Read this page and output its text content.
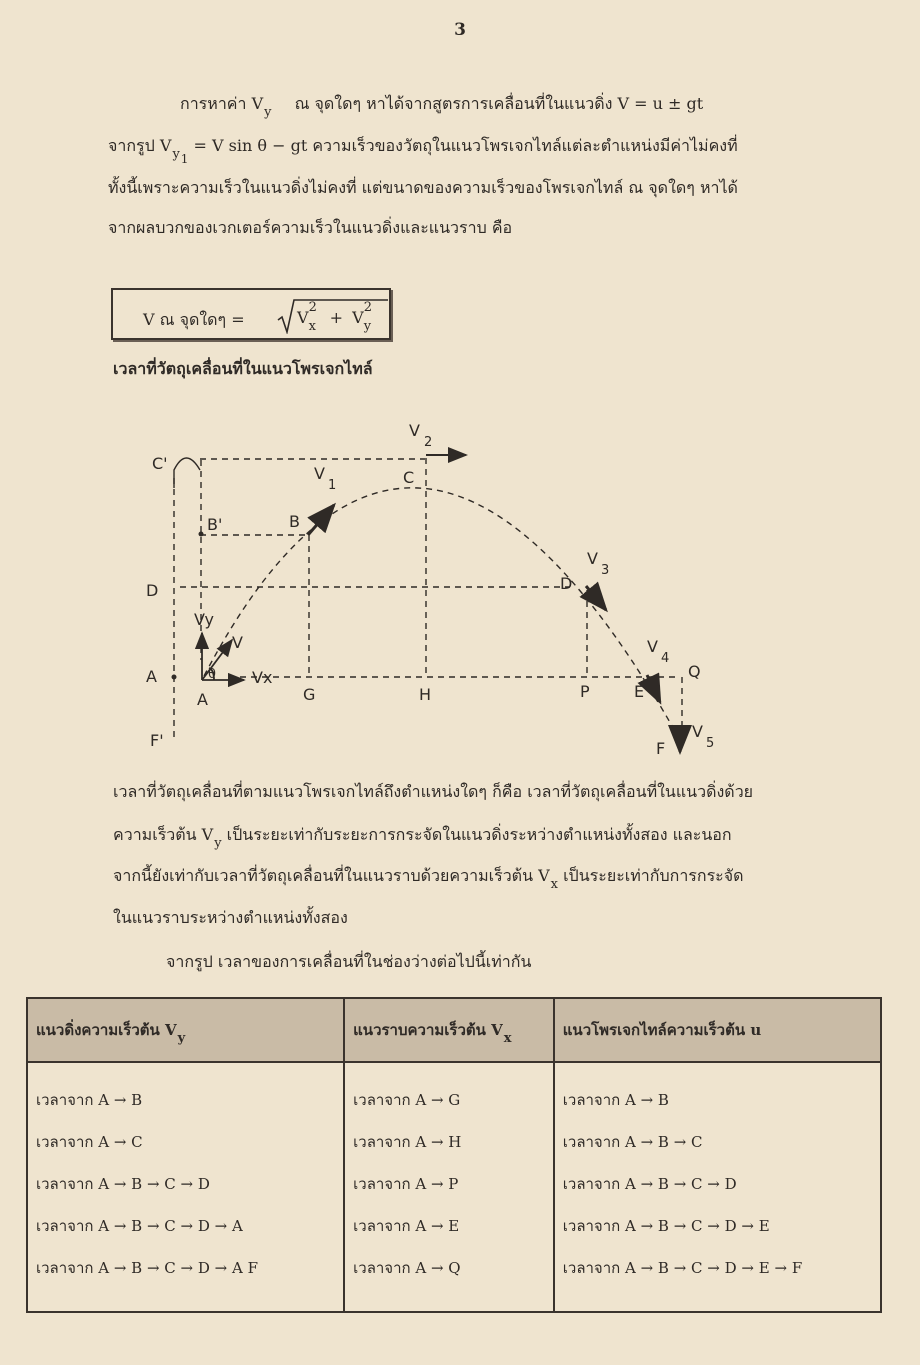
3
การหาค่า $V_y$ ณ จุดใดๆ หาได้จากสูตรการเคลื่อนที่ในแนวดิ่ง V = u ± gt
จากรูป $V_{y1} = V$ sin θ − gt ความเร็วของวัตถุในแนวโพรเจกไทล์แต่ละตำแหน่งมีค่าไม่คงที่
ทั้งนี้เพราะความเร็วในแนวดิ่งไม่คงที่ แต่ขนาดของความเร็วของโพรเจกไทล์ ณ จุดใดๆ หาได้
จากผลบวกของเวกเตอร์ความเร็วในแนวดิ่งและแนวราบ คือ
V ณ จุดใดๆ =	V
2
x + V
2
y
เวลาที่วัตถุเคลื่อนที่ในแนวโพรเจกไทล์
C'
C
B'	B
D	D
A
A
F'
G	H	P	E
Q
F
Vy
V
Vx
θ
V
1
V
2
V
3
V
4
V
5
เวลาที่วัตถุเคลื่อนที่ตามแนวโพรเจกไทล์ถึงตำแหน่งใดๆ ก็คือ เวลาที่วัตถุเคลื่อนที่ในแนวดิ่งด้วย
ความเร็วต้น $V_y$ เป็นระยะเท่ากับระยะการกระจัดในแนวดิ่งระหว่างตำแหน่งทั้งสอง และนอก
จากนี้ยังเท่ากับเวลาที่วัตถุเคลื่อนที่ในแนวราบด้วยความเร็วต้น $V_x$ เป็นระยะเท่ากับการกระจัด
ในแนวราบระหว่างตำแหน่งทั้งสอง
จากรูป เวลาของการเคลื่อนที่ในช่องว่างต่อไปนี้เท่ากัน
แนวดิ่งความเร็วต้น Vy	แนวราบความเร็วต้น Vx	แนวโพรเจกไทล์ความเร็วต้น u
เวลาจาก A → B	เวลาจาก A → G	เวลาจาก A → B
เวลาจาก A → C	เวลาจาก A → H	เวลาจาก A → B → C
เวลาจาก A → B → C → D	เวลาจาก A → P	เวลาจาก A → B → C → D
เวลาจาก A → B → C → D → A	เวลาจาก A → E	เวลาจาก A → B → C → D → E
เวลาจาก A → B → C → D → A F	เวลาจาก A → Q	เวลาจาก A → B → C → D → E → F
